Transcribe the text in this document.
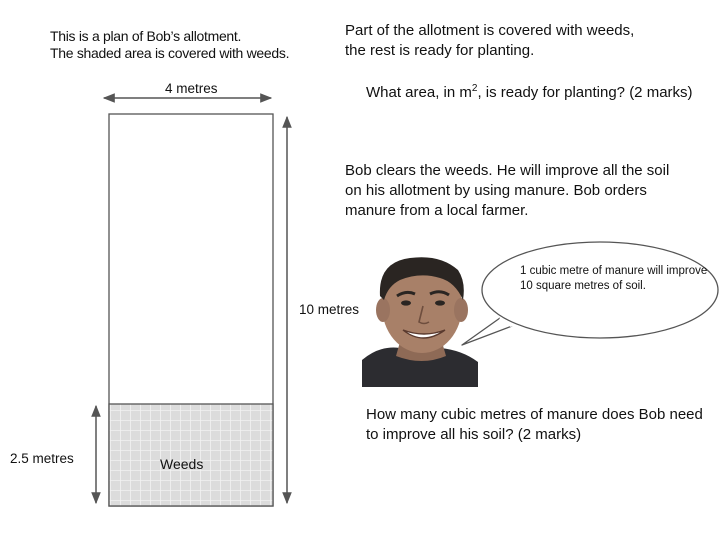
This is a plan of Bob’s allotment.
The shaded area is covered with weeds.
Part of the allotment is covered with weeds, the rest is ready for planting.
What area, in $m^2$, is ready for planting? (2 marks)
Bob clears the weeds. He will improve all the soil on his allotment by using manure. Bob orders manure from a local farmer.
How many cubic metres of manure does Bob need to improve all his soil? (2 marks)
4 metres
10 metres
2.5 metres	Weeds
1 cubic metre of manure will improve 10 square metres of soil.
